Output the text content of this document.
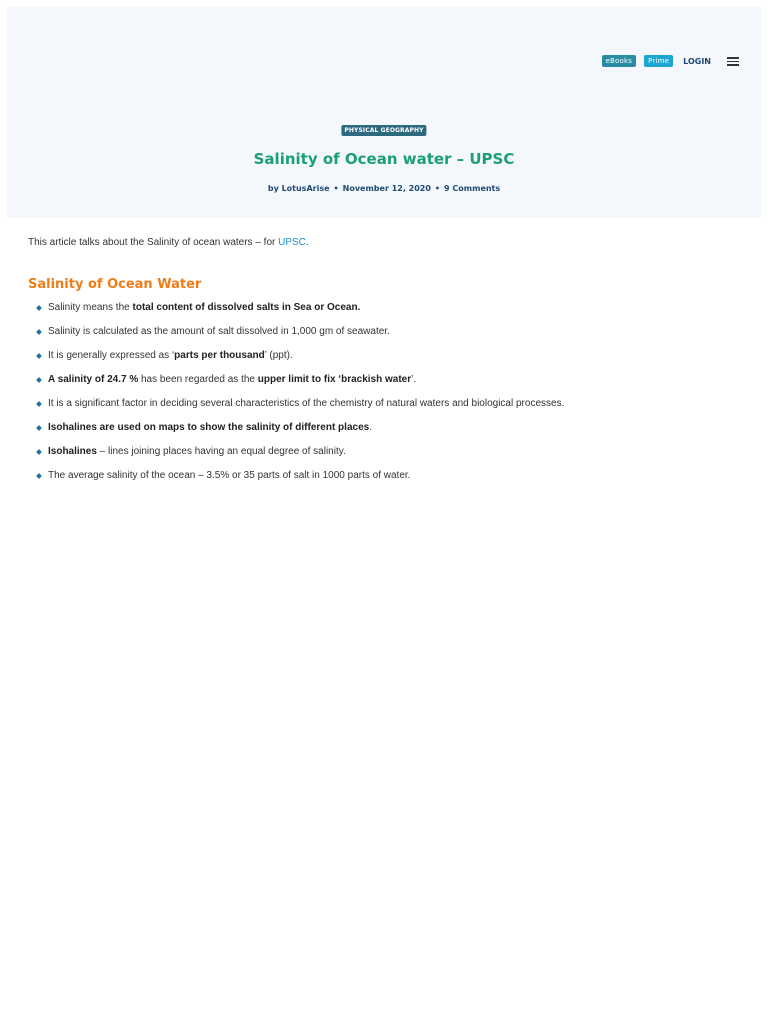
eBooks	Prime	LOGIN
PHYSICAL GEOGRAPHY
Salinity of Ocean water – UPSC
by LotusArise • November 12, 2020 • 9 Comments

This article talks about the Salinity of ocean waters – for UPSC.

Salinity of Ocean Water
Salinity means the total content of dissolved salts in Sea or Ocean.
Salinity is calculated as the amount of salt dissolved in 1,000 gm of seawater.
It is generally expressed as ‘parts per thousand’ (ppt).
A salinity of 24.7 % has been regarded as the upper limit to fix ‘brackish water’.
It is a significant factor in deciding several characteristics of the chemistry of natural waters and biological processes.
Isohalines are used on maps to show the salinity of different places.
Isohalines – lines joining places having an equal degree of salinity.
The average salinity of the ocean – 3.5% or 35 parts of salt in 1000 parts of water.
